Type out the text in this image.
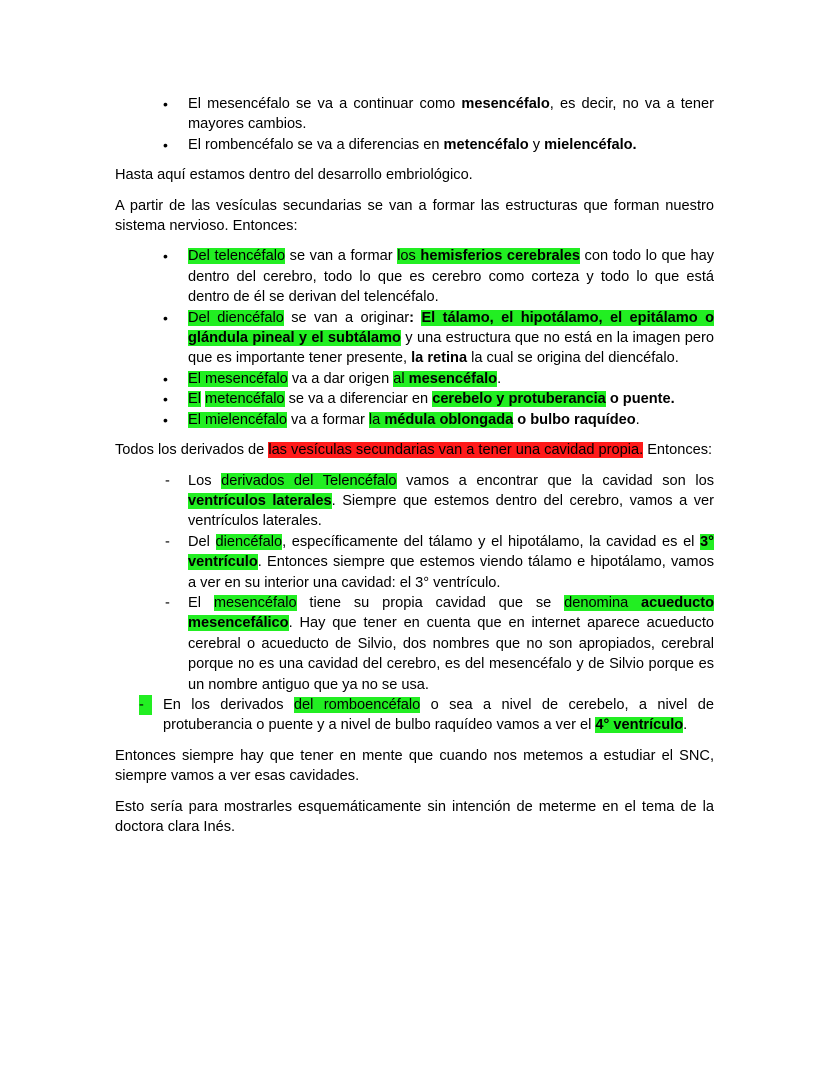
• El mesencéfalo se va a continuar como mesencéfalo, es decir, no va a tener mayores cambios.
• El rombencéfalo se va a diferencias en metencéfalo y mielencéfalo.

Hasta aquí estamos dentro del desarrollo embriológico.

A partir de las vesículas secundarias se van a formar las estructuras que forman nuestro sistema nervioso. Entonces:

• Del telencéfalo se van a formar los hemisferios cerebrales con todo lo que hay dentro del cerebro, todo lo que es cerebro como corteza y todo lo que está dentro de él se derivan del telencéfalo.
• Del diencéfalo se van a originar: El tálamo, el hipotálamo, el epitálamo o glándula pineal y el subtálamo y una estructura que no está en la imagen pero que es importante tener presente, la retina la cual se origina del diencéfalo.
• El mesencéfalo va a dar origen al mesencéfalo.
• El metencéfalo se va a diferenciar en cerebelo y protuberancia o puente.
• El mielencéfalo va a formar la médula oblongada o bulbo raquídeo.

Todos los derivados de las vesículas secundarias van a tener una cavidad propia. Entonces:

- Los derivados del Telencéfalo vamos a encontrar que la cavidad son los ventrículos laterales. Siempre que estemos dentro del cerebro, vamos a ver ventrículos laterales.
- Del diencéfalo, específicamente del tálamo y el hipotálamo, la cavidad es el 3° ventrículo. Entonces siempre que estemos viendo tálamo e hipotálamo, vamos a ver en su interior una cavidad: el 3° ventrículo.
- El mesencéfalo tiene su propia cavidad que se denomina acueducto mesencefálico. Hay que tener en cuenta que en internet aparece acueducto cerebral o acueducto de Silvio, dos nombres que no son apropiados, cerebral porque no es una cavidad del cerebro, es del mesencéfalo y de Silvio porque es un nombre antiguo que ya no se usa.
-	En los derivados del romboencéfalo o sea a nivel de cerebelo, a nivel de protuberancia o puente y a nivel de bulbo raquídeo vamos a ver el 4° ventrículo.

Entonces siempre hay que tener en mente que cuando nos metemos a estudiar el SNC, siempre vamos a ver esas cavidades.

Esto sería para mostrarles esquemáticamente sin intención de meterme en el tema de la doctora clara Inés.
